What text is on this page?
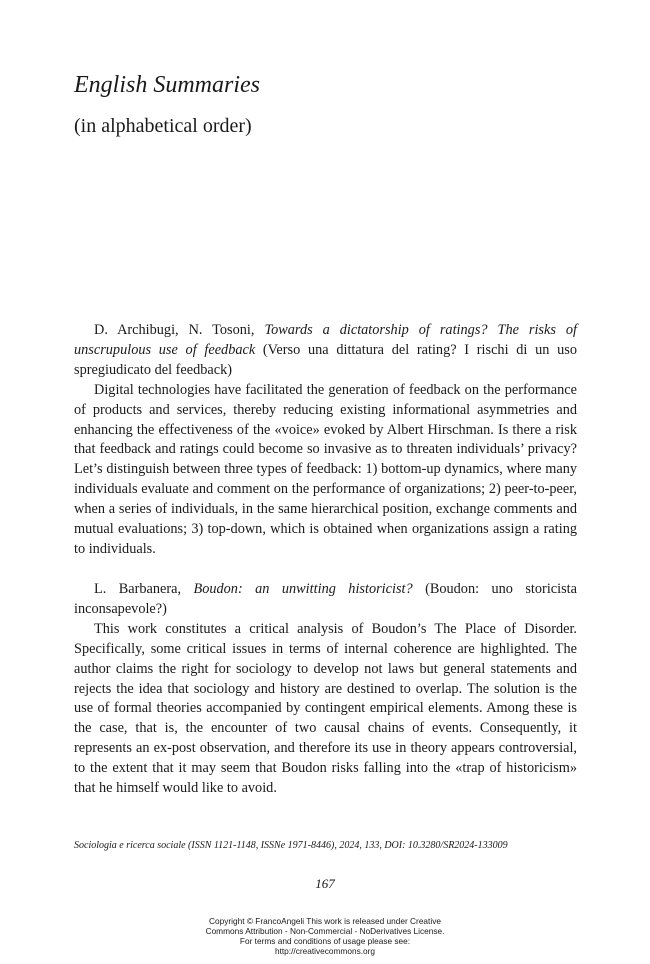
English Summaries
(in alphabetical order)

D. Archibugi, N. Tosoni, Towards a dictatorship of ratings? The risks of unscrupulous use of feedback (Verso una dittatura del rating? I rischi di un uso spregiudicato del feedback)

Digital technologies have facilitated the generation of feedback on the performance of products and services, thereby reducing existing informational asymmetries and enhancing the effectiveness of the «voice» evoked by Albert Hirschman. Is there a risk that feedback and ratings could become so invasive as to threaten individuals’ privacy? Let’s distinguish between three types of feedback: 1) bottom-up dynamics, where many individuals evaluate and comment on the performance of organizations; 2) peer-to-peer, when a series of individuals, in the same hierarchical position, exchange comments and mutual evaluations; 3) top-down, which is obtained when organizations assign a rating to individuals.

L. Barbanera, Boudon: an unwitting historicist? (Boudon: uno storicista inconsapevole?)

This work constitutes a critical analysis of Boudon’s The Place of Disorder. Specifically, some critical issues in terms of internal coherence are highlighted. The author claims the right for sociology to develop not laws but general statements and rejects the idea that sociology and history are destined to overlap. The solution is the use of formal theories accompanied by contingent empirical elements. Among these is the case, that is, the encounter of two causal chains of events. Consequently, it represents an ex-post observation, and therefore its use in theory appears controversial, to the extent that it may seem that Boudon risks falling into the «trap of historicism» that he himself would like to avoid.

Sociologia e ricerca sociale (ISSN 1121-1148, ISSNe 1971-8446), 2024, 133, DOI: 10.3280/SR2024-133009
167
Copyright © FrancoAngeli This work is released under Creative
Commons Attribution - Non-Commercial - NoDerivatives License.
For terms and conditions of usage please see:
http://creativecommons.org
